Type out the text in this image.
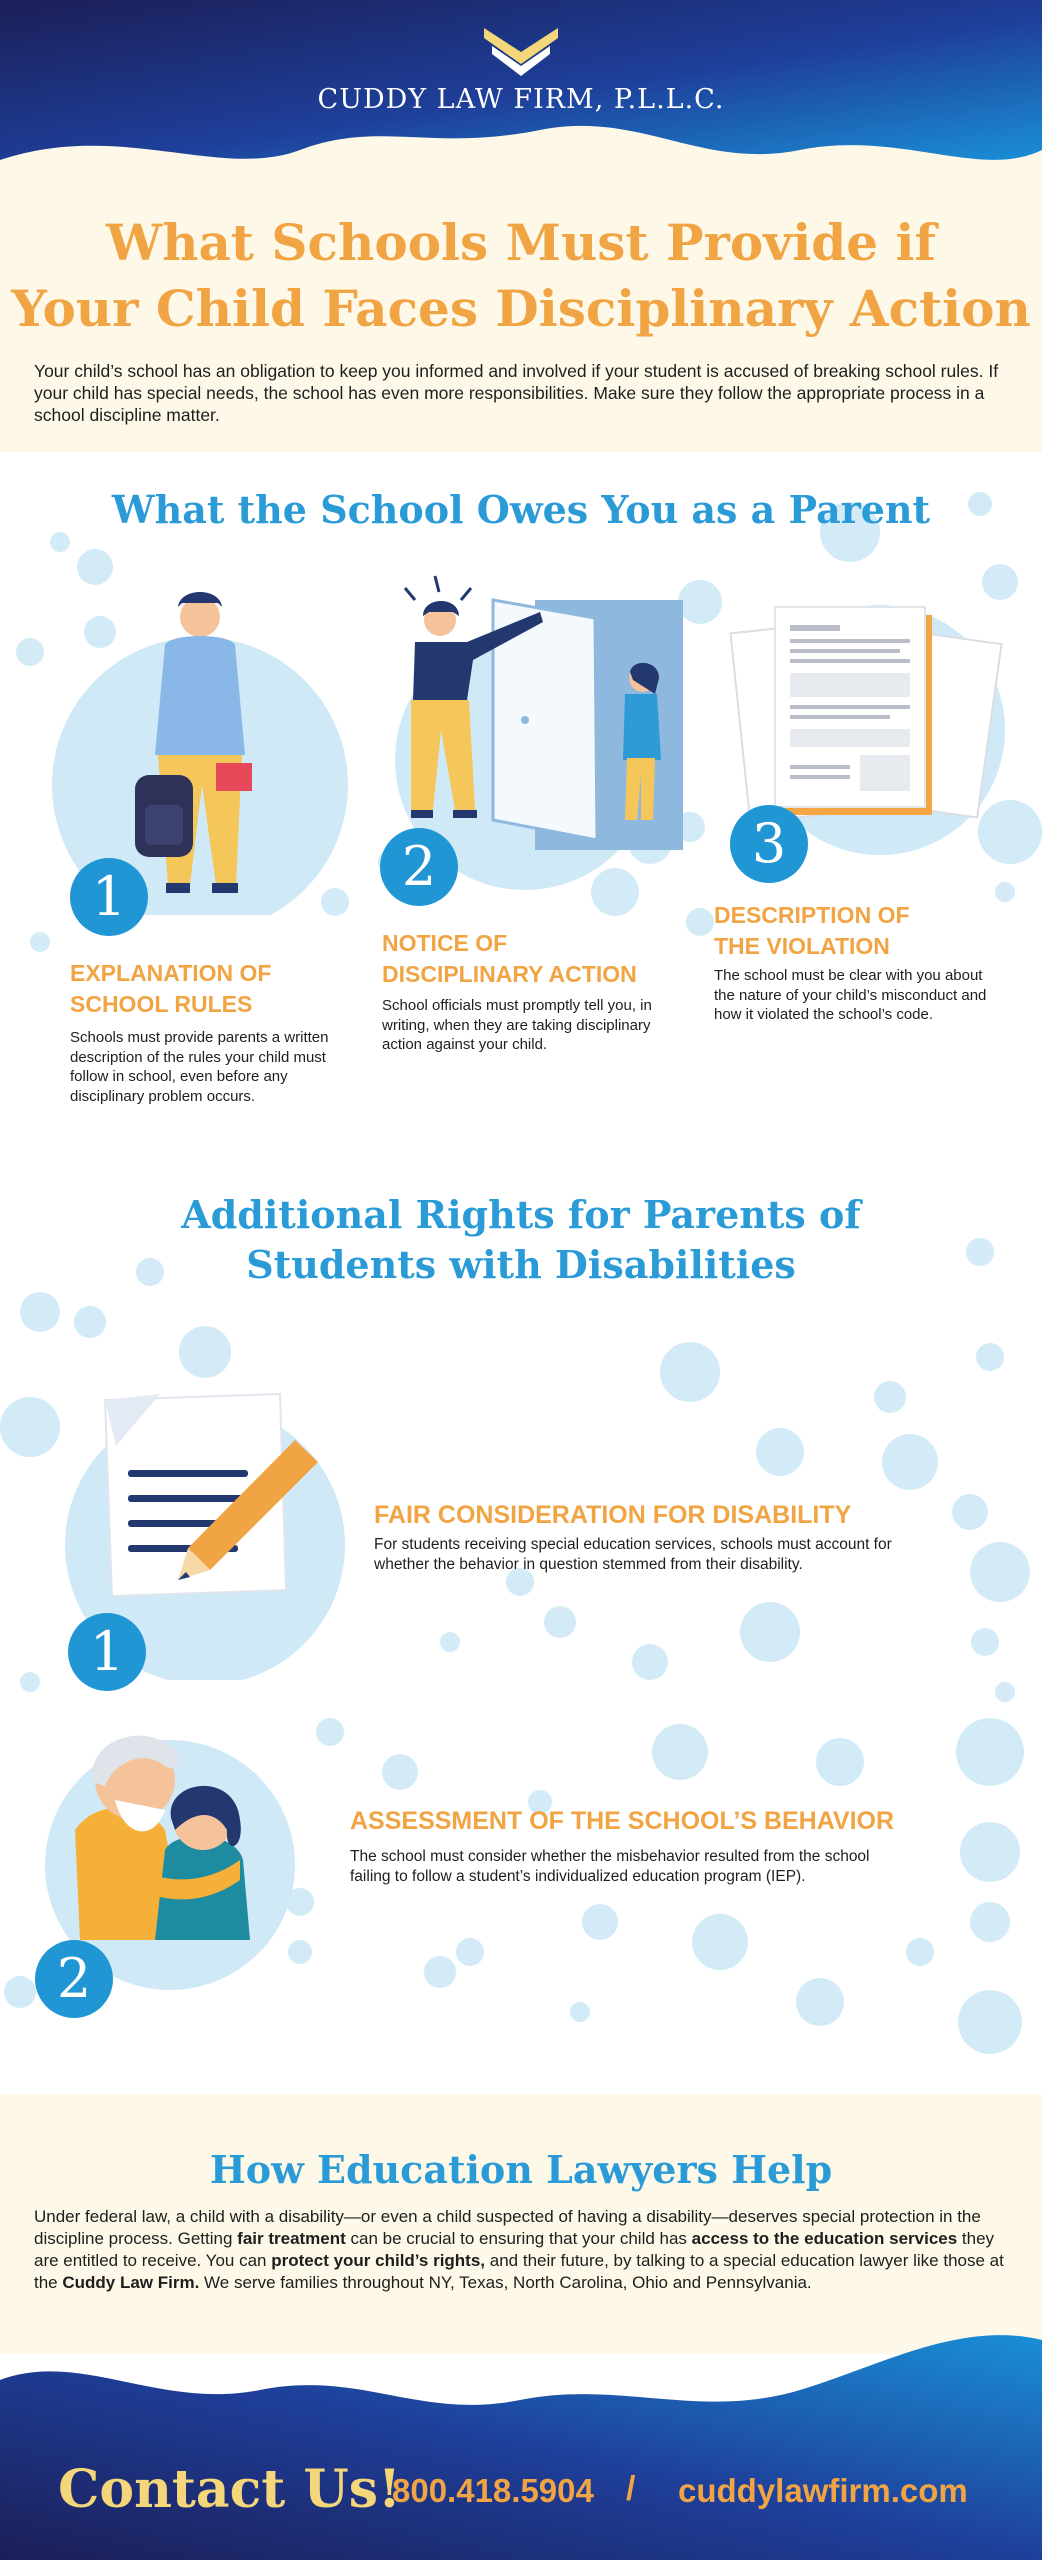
CUDDY LAW FIRM, P.L.L.C.
What Schools Must Provide if
Your Child Faces Disciplinary Action
Your child’s school has an obligation to keep you informed and involved if your student is accused of breaking school rules. If your child has special needs, the school has even more responsibilities. Make sure they follow the appropriate process in a school discipline matter.
What the School Owes You as a Parent
1
EXPLANATION OF
SCHOOL RULES
Schools must provide parents a written description of the rules your child must follow in school, even before any disciplinary problem occurs.
2
NOTICE OF
DISCIPLINARY ACTION
School officials must promptly tell you, in writing, when they are taking disciplinary action against your child.
3
DESCRIPTION OF
THE VIOLATION
The school must be clear with you about the nature of your child’s misconduct and how it violated the school’s code.
Additional Rights for Parents of
Students with Disabilities
1
FAIR CONSIDERATION FOR DISABILITY
For students receiving special education services, schools must account for whether the behavior in question stemmed from their disability.
2
ASSESSMENT OF THE SCHOOL’S BEHAVIOR
The school must consider whether the misbehavior resulted from the school failing to follow a student’s individualized education program (IEP).
How Education Lawyers Help
Under federal law, a child with a disability—or even a child suspected of having a disability—deserves special protection in the discipline process. Getting fair treatment can be crucial to ensuring that your child has access to the education services they are entitled to receive. You can protect your child’s rights, and their future, by talking to a special education lawyer like those at the Cuddy Law Firm. We serve families throughout NY, Texas, North Carolina, Ohio and Pennsylvania.
Contact Us!
800.418.5904 / cuddylawfirm.com
